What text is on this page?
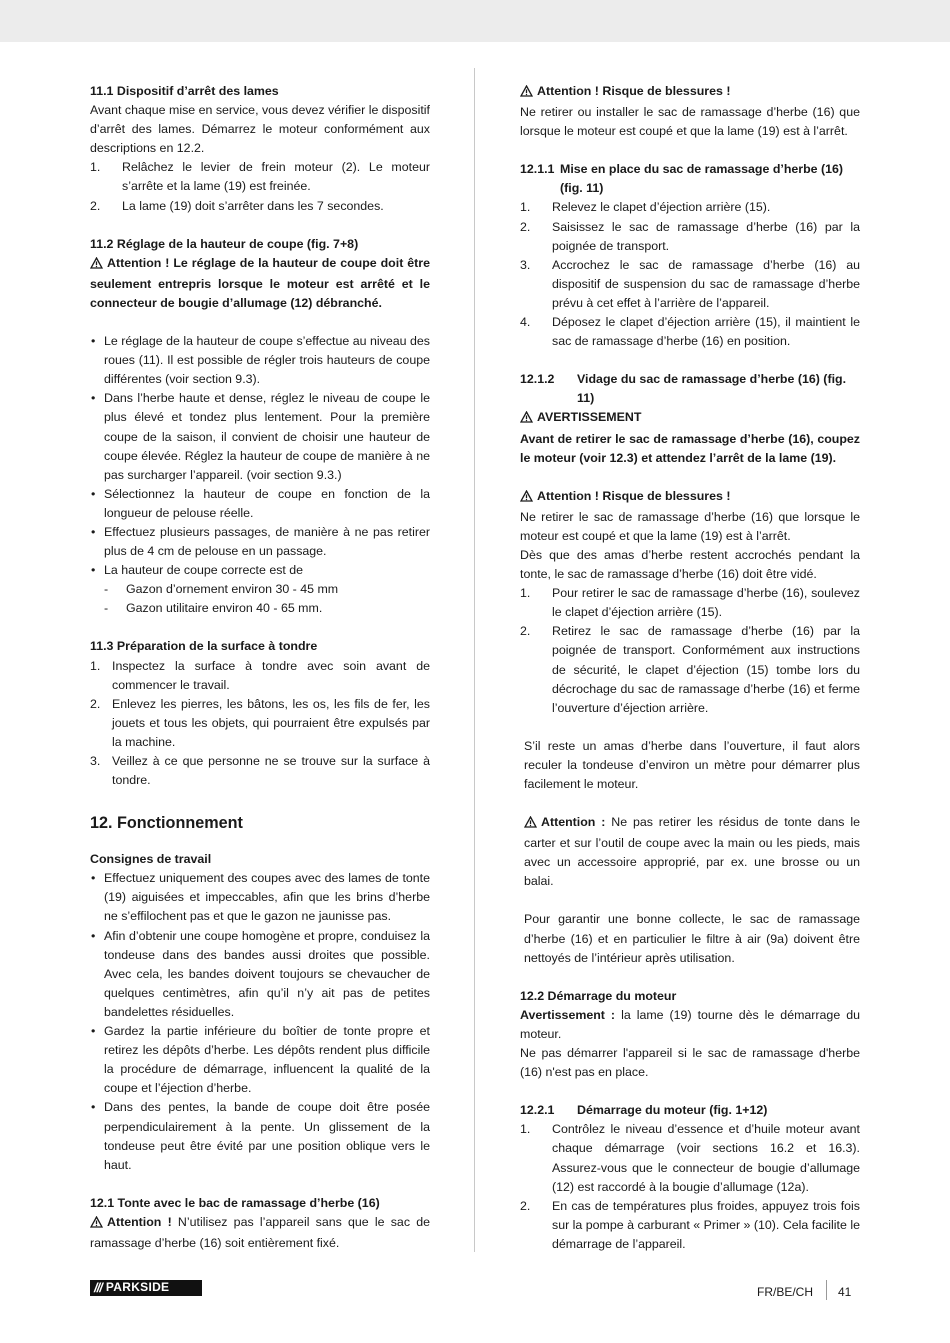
11.1 Dispositif d’arrêt des lames

Avant chaque mise en service, vous devez vérifier le dispositif d’arrêt des lames. Démarrez le moteur conformément aux descriptions en 12.2.

1. Relâchez le levier de frein moteur (2). Le moteur s’arrête et la lame (19) est freinée.
2. La lame (19) doit s’arrêter dans les 7 secondes.

11.2 Réglage de la hauteur de coupe (fig. 7+8)

Attention ! Le réglage de la hauteur de coupe doit être seulement entrepris lorsque le moteur est arrêté et le connecteur de bougie d’allumage (12) débranché.

• Le réglage de la hauteur de coupe s’effectue au niveau des roues (11). Il est possible de régler trois hauteurs de coupe différentes (voir section 9.3).
• Dans l’herbe haute et dense, réglez le niveau de coupe le plus élevé et tondez plus lentement. Pour la première coupe de la saison, il convient de choisir une hauteur de coupe élevée. Réglez la hauteur de coupe de manière à ne pas surcharger l’appareil. (voir section 9.3.)
• Sélectionnez la hauteur de coupe en fonction de la longueur de pelouse réelle.
• Effectuez plusieurs passages, de manière à ne pas retirer plus de 4 cm de pelouse en un passage.
• La hauteur de coupe correcte est de
- Gazon d’ornement environ 30 - 45 mm
- Gazon utilitaire environ 40 - 65 mm.

11.3 Préparation de la surface à tondre

1. Inspectez la surface à tondre avec soin avant de commencer le travail.
2. Enlevez les pierres, les bâtons, les os, les fils de fer, les jouets et tous les objets, qui pourraient être expulsés par la machine.
3. Veillez à ce que personne ne se trouve sur la surface à tondre.

12. Fonctionnement

Consignes de travail

• Effectuez uniquement des coupes avec des lames de tonte (19) aiguisées et impeccables, afin que les brins d’herbe ne s’effilochent pas et que le gazon ne jaunisse pas.
• Afin d’obtenir une coupe homogène et propre, conduisez la tondeuse dans des bandes aussi droites que possible. Avec cela, les bandes doivent toujours se chevaucher de quelques centimètres, afin qu’il n’y ait pas de petites bandelettes résiduelles.
• Gardez la partie inférieure du boîtier de tonte propre et retirez les dépôts d’herbe. Les dépôts rendent plus difficile la procédure de démarrage, influencent la qualité de la coupe et l’éjection d’herbe.
• Dans des pentes, la bande de coupe doit être posée perpendiculairement à la pente. Un glissement de la tondeuse peut être évité par une position oblique vers le haut.

12.1 Tonte avec le bac de ramassage d’herbe (16)

Attention ! N’utilisez pas l’appareil sans que le sac de ramassage d’herbe (16) soit entièrement fixé.

Attention ! Risque de blessures !

Ne retirer ou installer le sac de ramassage d’herbe (16) que lorsque le moteur est coupé et que la lame (19) est à l’arrêt.

12.1.1 Mise en place du sac de ramassage d’herbe (16) (fig. 11)
1. Relevez le clapet d’éjection arrière (15).
2. Saisissez le sac de ramassage d’herbe (16) par la poignée de transport.
3. Accrochez le sac de ramassage d’herbe (16) au dispositif de suspension du sac de ramassage d’herbe prévu à cet effet à l’arrière de l’appareil.
4. Déposez le clapet d’éjection arrière (15), il maintient le sac de ramassage d’herbe (16) en position.
12.1.2	Vidage du sac de ramassage d’herbe (16) (fig. 11)

AVERTISSEMENT

Avant de retirer le sac de ramassage d’herbe (16), coupez le moteur (voir 12.3) et attendez l’arrêt de la lame (19).

Attention ! Risque de blessures !

Ne retirer le sac de ramassage d’herbe (16) que lorsque le moteur est coupé et que la lame (19) est à l’arrêt.

Dès que des amas d’herbe restent accrochés pendant la tonte, le sac de ramassage d’herbe (16) doit être vidé.

1. Pour retirer le sac de ramassage d’herbe (16), soulevez le clapet d’éjection arrière (15).
2. Retirez le sac de ramassage d’herbe (16) par la poignée de transport. Conformément aux instructions de sécurité, le clapet d’éjection (15) tombe lors du décrochage du sac de ramassage d’herbe (16) et ferme l’ouverture d’éjection arrière.

S’il reste un amas d’herbe dans l’ouverture, il faut alors reculer la tondeuse d’environ un mètre pour démarrer plus facilement le moteur.

Attention : Ne pas retirer les résidus de tonte dans le carter et sur l’outil de coupe avec la main ou les pieds, mais avec un accessoire approprié, par ex. une brosse ou un balai.

Pour garantir une bonne collecte, le sac de ramassage d’herbe (16) et en particulier le filtre à air (9a) doivent être nettoyés de l’intérieur après utilisation.

12.2 Démarrage du moteur

Avertissement : la lame (19) tourne dès le démarrage du moteur.

Ne pas démarrer l'appareil si le sac de ramassage d'herbe (16) n'est pas en place.

12.2.1	Démarrage du moteur (fig. 1+12)
1. Contrôlez le niveau d’essence et d’huile moteur avant chaque démarrage (voir sections 16.2 et 16.3). Assurez-vous que le connecteur de bougie d’allumage (12) est raccordé à la bougie d’allumage (12a).
2. En cas de températures plus froides, appuyez trois fois sur la pompe à carburant « Primer » (10). Cela facilite le démarrage de l’appareil.
/// PARKSIDE	FR/BE/CH 41
